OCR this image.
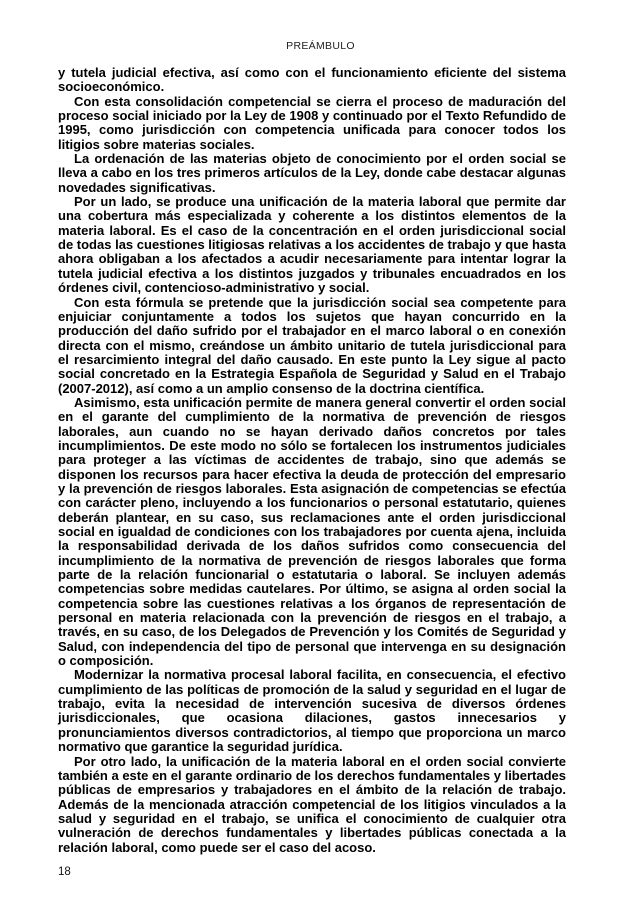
PREÁMBULO

y tutela judicial efectiva, así como con el funcionamiento eficiente del sistema socioeconómico.

Con esta consolidación competencial se cierra el proceso de maduración del proceso social iniciado por la Ley de 1908 y continuado por el Texto Refundido de 1995, como jurisdicción con competencia unificada para conocer todos los litigios sobre materias sociales.

La ordenación de las materias objeto de conocimiento por el orden social se lleva a cabo en los tres primeros artículos de la Ley, donde cabe destacar algunas novedades significativas.

Por un lado, se produce una unificación de la materia laboral que permite dar una cobertura más especializada y coherente a los distintos elementos de la materia laboral. Es el caso de la concentración en el orden jurisdiccional social de todas las cuestiones litigiosas relativas a los accidentes de trabajo y que hasta ahora obligaban a los afectados a acudir necesariamente para intentar lograr la tutela judicial efectiva a los distintos juzgados y tribunales encuadrados en los órdenes civil, contencioso-administrativo y social.

Con esta fórmula se pretende que la jurisdicción social sea competente para enjuiciar conjuntamente a todos los sujetos que hayan concurrido en la producción del daño sufrido por el trabajador en el marco laboral o en conexión directa con el mismo, creándose un ámbito unitario de tutela jurisdiccional para el resarcimiento integral del daño causado. En este punto la Ley sigue al pacto social concretado en la Estrategia Española de Seguridad y Salud en el Trabajo (2007-2012), así como a un amplio consenso de la doctrina científica.

Asimismo, esta unificación permite de manera general convertir el orden social en el garante del cumplimiento de la normativa de prevención de riesgos laborales, aun cuando no se hayan derivado daños concretos por tales incumplimientos. De este modo no sólo se fortalecen los instrumentos judiciales para proteger a las víctimas de accidentes de trabajo, sino que además se disponen los recursos para hacer efectiva la deuda de protección del empresario y la prevención de riesgos laborales. Esta asignación de competencias se efectúa con carácter pleno, incluyendo a los funcionarios o personal estatutario, quienes deberán plantear, en su caso, sus reclamaciones ante el orden jurisdiccional social en igualdad de condiciones con los trabajadores por cuenta ajena, incluida la responsabilidad derivada de los daños sufridos como consecuencia del incumplimiento de la normativa de prevención de riesgos laborales que forma parte de la relación funcionarial o estatutaria o laboral. Se incluyen además competencias sobre medidas cautelares. Por último, se asigna al orden social la competencia sobre las cuestiones relativas a los órganos de representación de personal en materia relacionada con la prevención de riesgos en el trabajo, a través, en su caso, de los Delegados de Prevención y los Comités de Seguridad y Salud, con independencia del tipo de personal que intervenga en su designación o composición.

Modernizar la normativa procesal laboral facilita, en consecuencia, el efectivo cumplimiento de las políticas de promoción de la salud y seguridad en el lugar de trabajo, evita la necesidad de intervención sucesiva de diversos órdenes jurisdiccionales, que ocasiona dilaciones, gastos innecesarios y pronunciamientos diversos contradictorios, al tiempo que proporciona un marco normativo que garantice la seguridad jurídica.

Por otro lado, la unificación de la materia laboral en el orden social convierte también a este en el garante ordinario de los derechos fundamentales y libertades públicas de empresarios y trabajadores en el ámbito de la relación de trabajo. Además de la mencionada atracción competencial de los litigios vinculados a la salud y seguridad en el trabajo, se unifica el conocimiento de cualquier otra vulneración de derechos fundamentales y libertades públicas conectada a la relación laboral, como puede ser el caso del acoso.

18
